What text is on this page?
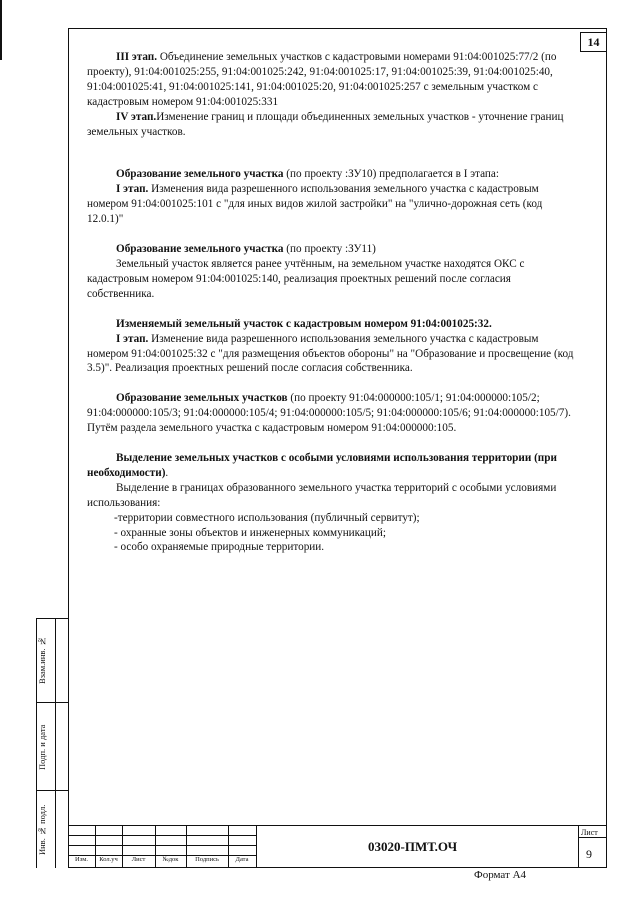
14

III этап. Объединение земельных участков с кадастровыми номерами 91:04:001025:77/2 (по проекту), 91:04:001025:255, 91:04:001025:242, 91:04:001025:17, 91:04:001025:39, 91:04:001025:40, 91:04:001025:41, 91:04:001025:141, 91:04:001025:20, 91:04:001025:257 с земельным участком с кадастровым номером 91:04:001025:331

IV этап.Изменение границ и площади объединенных земельных участков - уточнение границ земельных участков.

Образование земельного участка (по проекту :ЗУ10) предполагается в I этапа:

I этап. Изменения вида разрешенного использования земельного участка с кадастровым номером 91:04:001025:101 с "для иных видов жилой застройки" на "улично-дорожная сеть (код 12.0.1)"

Образование земельного участка (по проекту :ЗУ11)

Земельный участок является ранее учтённым, на земельном участке находятся ОКС с кадастровым номером 91:04:001025:140, реализация проектных решений после согласия собственника.

Изменяемый земельный участок с кадастровым номером 91:04:001025:32.

I этап. Изменение вида разрешенного использования земельного участка с кадастровым номером 91:04:001025:32 с "для размещения объектов обороны" на "Образование и просвещение (код 3.5)". Реализация проектных решений после согласия собственника.

Образование земельных участков (по проекту 91:04:000000:105/1; 91:04:000000:105/2; 91:04:000000:105/3; 91:04:000000:105/4; 91:04:000000:105/5; 91:04:000000:105/6; 91:04:000000:105/7). Путём раздела земельного участка с кадастровым номером 91:04:000000:105.

Выделение земельных участков с особыми условиями использования территории (при необходимости).

Выделение в границах образованного земельного участка территорий с особыми условиями использования:

-территории совместного использования (публичный сервитут);

- охранные зоны объектов и инженерных коммуникаций;

- особо охраняемые природные территории.

Взам.инв. №
Подп. и дата
Инв. № подл.
Изм.	Кол.уч	Лист	№док	Подпись	Дата
03020-ПМТ.ОЧ
Лист
9
Формат А4
